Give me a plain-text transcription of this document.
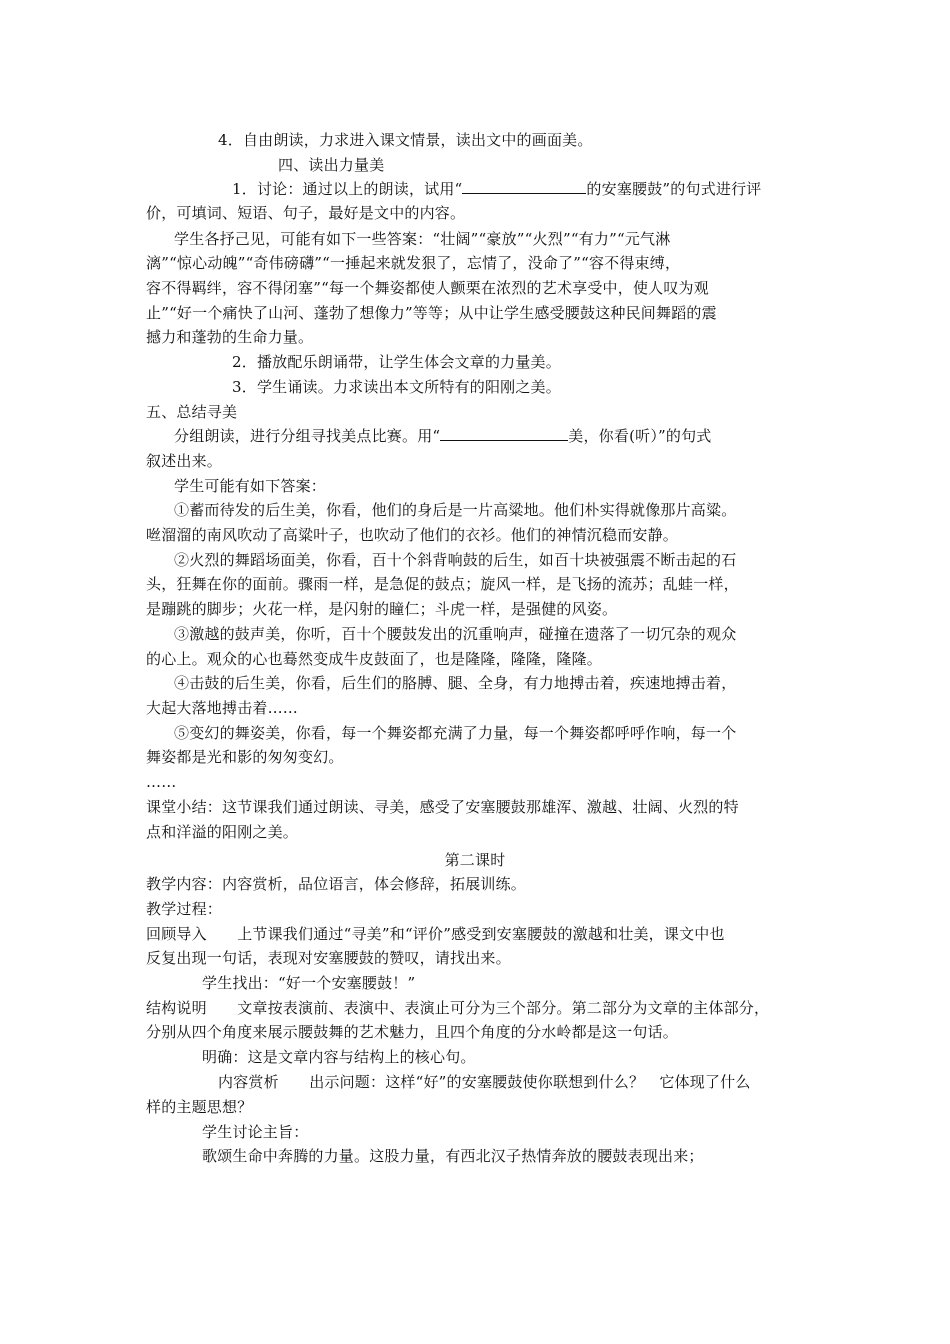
4．自由朗读，力求进入课文情景，读出文中的画面美。
四、读出力量美
1．讨论：通过以上的朗读，试用“	的安塞腰鼓”的句式进行评
价，可填词、短语、句子，最好是文中的内容。
学生各抒己见，可能有如下一些答案：“壮阔”“豪放”“火烈”“有力”“元气淋
漓”“惊心动魄”“奇伟磅礴”“一捶起来就发狠了，忘情了，没命了”“容不得束缚，
容不得羁绊，容不得闭塞”“每一个舞姿都使人颤栗在浓烈的艺术享受中，使人叹为观
止”“好一个痛快了山河、蓬勃了想像力”等等；从中让学生感受腰鼓这种民间舞蹈的震
撼力和蓬勃的生命力量。
2．播放配乐朗诵带，让学生体会文章的力量美。
3．学生诵读。力求读出本文所特有的阳刚之美。
五、总结寻美
分组朗读，进行分组寻找美点比赛。用“	美，你看(听）”的句式
叙述出来。
学生可能有如下答案：
①蓄而待发的后生美，你看，他们的身后是一片高粱地。他们朴实得就像那片高粱。
咝溜溜的南风吹动了高粱叶子，也吹动了他们的衣衫。他们的神情沉稳而安静。
②火烈的舞蹈场面美，你看，百十个斜背响鼓的后生，如百十块被强震不断击起的石
头，狂舞在你的面前。骤雨一样，是急促的鼓点；旋风一样，是飞扬的流苏；乱蛙一样，
是蹦跳的脚步；火花一样，是闪射的瞳仁；斗虎一样，是强健的风姿。
③激越的鼓声美，你听，百十个腰鼓发出的沉重响声，碰撞在遗落了一切冗杂的观众
的心上。观众的心也蓦然变成牛皮鼓面了，也是隆隆，隆隆，隆隆。
④击鼓的后生美，你看，后生们的胳膊、腿、全身，有力地搏击着，疾速地搏击着，
大起大落地搏击着……
⑤变幻的舞姿美，你看，每一个舞姿都充满了力量，每一个舞姿都呼呼作响，每一个
舞姿都是光和影的匆匆变幻。
……
课堂小结：这节课我们通过朗读、寻美，感受了安塞腰鼓那雄浑、激越、壮阔、火烈的特
点和洋溢的阳刚之美。
第二课时
教学内容：内容赏析，品位语言，体会修辞，拓展训练。
教学过程：
回顾导入　　上节课我们通过“寻美”和“评价”感受到安塞腰鼓的激越和壮美，课文中也
反复出现一句话，表现对安塞腰鼓的赞叹，请找出来。
学生找出：“好一个安塞腰鼓！”
结构说明　　文章按表演前、表演中、表演止可分为三个部分。第二部分为文章的主体部分，
分别从四个角度来展示腰鼓舞的艺术魅力，且四个角度的分水岭都是这一句话。
明确：这是文章内容与结构上的核心句。
内容赏析　　出示问题：这样“好”的安塞腰鼓使你联想到什么？　它体现了什么
样的主题思想？
学生讨论主旨：
歌颂生命中奔腾的力量。这股力量，有西北汉子热情奔放的腰鼓表现出来；
